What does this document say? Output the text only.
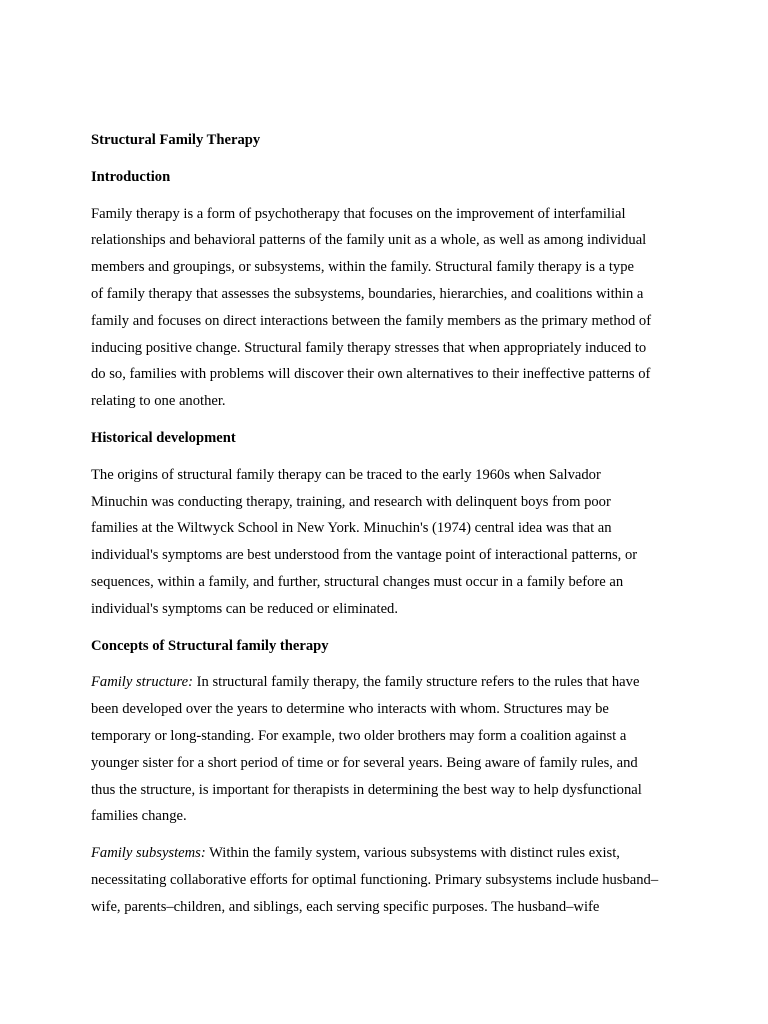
Structural Family Therapy
Introduction
Family therapy is a form of psychotherapy that focuses on the improvement of interfamilial
relationships and behavioral patterns of the family unit as a whole, as well as among individual
members and groupings, or subsystems, within the family. Structural family therapy is a type
of family therapy that assesses the subsystems, boundaries, hierarchies, and coalitions within a
family and focuses on direct interactions between the family members as the primary method of
inducing positive change. Structural family therapy stresses that when appropriately induced to
do so, families with problems will discover their own alternatives to their ineffective patterns of
relating to one another.
Historical development
The origins of structural family therapy can be traced to the early 1960s when Salvador
Minuchin was conducting therapy, training, and research with delinquent boys from poor
families at the Wiltwyck School in New York. Minuchin's (1974) central idea was that an
individual's symptoms are best understood from the vantage point of interactional patterns, or
sequences, within a family, and further, structural changes must occur in a family before an
individual's symptoms can be reduced or eliminated.
Concepts of Structural family therapy
Family structure: In structural family therapy, the family structure refers to the rules that have
been developed over the years to determine who interacts with whom. Structures may be
temporary or long-standing. For example, two older brothers may form a coalition against a
younger sister for a short period of time or for several years. Being aware of family rules, and
thus the structure, is important for therapists in determining the best way to help dysfunctional
families change.
Family subsystems: Within the family system, various subsystems with distinct rules exist,
necessitating collaborative efforts for optimal functioning. Primary subsystems include husband–
wife, parents–children, and siblings, each serving specific purposes. The husband–wife
